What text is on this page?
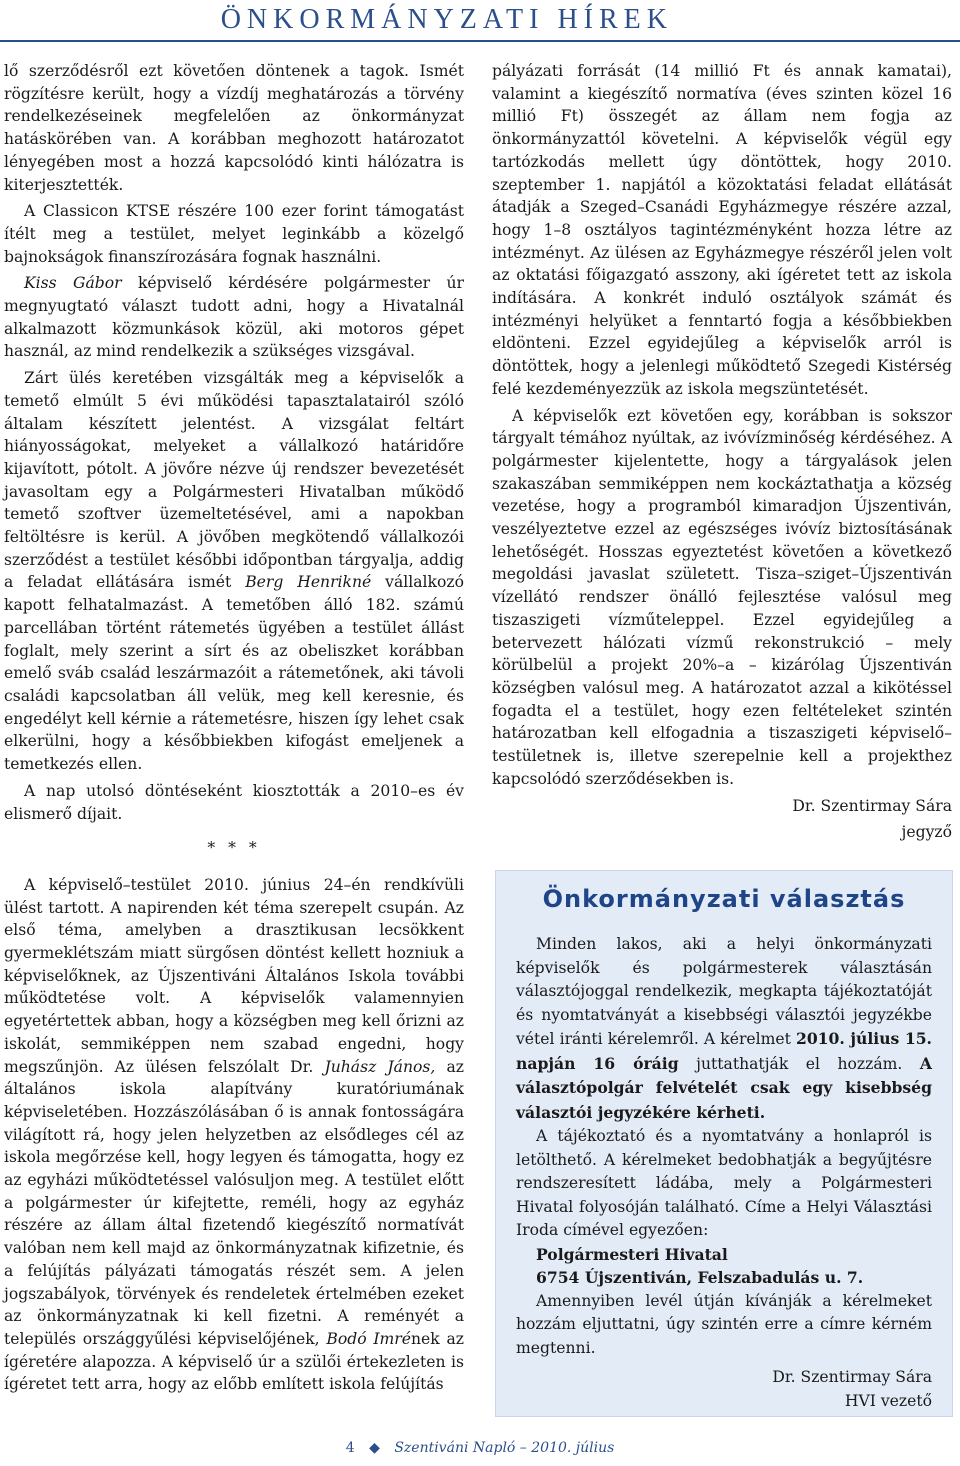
ÖNKORMÁNYZATI HÍREK

lő szerződésről ezt követően döntenek a tagok. Ismét rögzítésre került, hogy a vízdíj meghatározás a törvény rendelkezéseinek megfelelően az önkormányzat hatáskörében van. A korábban meghozott határozatot lényegében most a hozzá kapcsolódó kinti hálózatra is kiterjesztették.

A Classicon KTSE részére 100 ezer forint támogatást ítélt meg a testület, melyet leginkább a közelgő bajnokságok finanszírozására fognak használni.

Kiss Gábor képviselő kérdésére polgármester úr megnyugtató választ tudott adni, hogy a Hivatalnál alkalmazott közmunkások közül, aki motoros gépet használ, az mind rendelkezik a szükséges vizsgával.

Zárt ülés keretében vizsgálták meg a képviselők a temető elmúlt 5 évi működési tapasztalatairól szóló általam készített jelentést. A vizsgálat feltárt hiányosságokat, melyeket a vállalkozó határidőre kijavított, pótolt. A jövőre nézve új rendszer bevezetését javasoltam egy a Polgármesteri Hivatalban működő temető szoftver üzemeltetésével, ami a napokban feltöltésre is kerül. A jövőben megkötendő vállalkozói szerződést a testület későbbi időpontban tárgyalja, addig a feladat ellátására ismét Berg Henrikné vállalkozó kapott felhatalmazást. A temetőben álló 182. számú parcellában történt rátemetés ügyében a testület állást foglalt, mely szerint a sírt és az obeliszket korábban emelő sváb család leszármazóit a rátemetőnek, aki távoli családi kapcsolatban áll velük, meg kell keresnie, és engedélyt kell kérnie a rátemetésre, hiszen így lehet csak elkerülni, hogy a későbbiekben kifogást emeljenek a temetkezés ellen.

A nap utolsó döntéseként kiosztották a 2010–es év elismerő díjait.

* * *

A képviselő–testület 2010. június 24–én rendkívüli ülést tartott. A napirenden két téma szerepelt csupán. Az első téma, amelyben a drasztikusan lecsökkent gyermeklétszám miatt sürgősen döntést kellett hozniuk a képviselőknek, az Újszentiváni Általános Iskola további működtetése volt. A képviselők valamennyien egyetértettek abban, hogy a községben meg kell őrizni az iskolát, semmiképpen nem szabad engedni, hogy megszűnjön. Az ülésen felszólalt Dr. Juhász János, az általános iskola alapítvány kuratóriumának képviseletében. Hozzászólásában ő is annak fontosságára világított rá, hogy jelen helyzetben az elsődleges cél az iskola megőrzése kell, hogy legyen és támogatta, hogy ez az egyházi működtetéssel valósuljon meg. A testület előtt a polgármester úr kifejtette, reméli, hogy az egyház részére az állam által fizetendő kiegészítő normatívát valóban nem kell majd az önkormányzatnak kifizetnie, és a felújítás pályázati támogatás részét sem. A jelen jogszabályok, törvények és rendeletek értelmében ezeket az önkormányzatnak ki kell fizetni. A reményét a település országgyűlési képviselőjének, Bodó Imrének az ígéretére alapozza. A képviselő úr a szülői értekezleten is ígéretet tett arra, hogy az előbb említett iskola felújítás

pályázati forrását (14 millió Ft és annak kamatai), valamint a kiegészítő normatíva (éves szinten közel 16 millió Ft) összegét az állam nem fogja az önkormányzattól követelni. A képviselők végül egy tartózkodás mellett úgy döntöttek, hogy 2010. szeptember 1. napjától a közoktatási feladat ellátását átadják a Szeged–Csanádi Egyházmegye részére azzal, hogy 1–8 osztályos tagintézményként hozza létre az intézményt. Az ülésen az Egyházmegye részéről jelen volt az oktatási főigazgató asszony, aki ígéretet tett az iskola indítására. A konkrét induló osztályok számát és intézményi helyüket a fenntartó fogja a későbbiekben eldönteni. Ezzel egyidejűleg a képviselők arról is döntöttek, hogy a jelenlegi működtető Szegedi Kistérség felé kezdeményezzük az iskola megszüntetését.

A képviselők ezt követően egy, korábban is sokszor tárgyalt témához nyúltak, az ivóvízminőség kérdéséhez. A polgármester kijelentette, hogy a tárgyalások jelen szakaszában semmiképpen nem kockáztathatja a község vezetése, hogy a programból kimaradjon Újszentiván, veszélyeztetve ezzel az egészséges ivóvíz biztosításának lehetőségét. Hosszas egyeztetést követően a következő megoldási javaslat született. Tisza–sziget–Újszentiván vízellátó rendszer önálló fejlesztése valósul meg tiszaszigeti vízműteleppel. Ezzel egyidejűleg a betervezett hálózati vízmű rekonstrukció – mely körülbelül a projekt 20%–a – kizárólag Újszentiván községben valósul meg. A határozatot azzal a kikötéssel fogadta el a testület, hogy ezen feltételeket szintén határozatban kell elfogadnia a tiszaszigeti képviselő–testületnek is, illetve szerepelnie kell a projekthez kapcsolódó szerződésekben is.

Dr. Szentirmay Sára

jegyző

Önkormányzati választás

Minden lakos, aki a helyi önkormányzati képviselők és polgármesterek választásán választójoggal rendelkezik, megkapta tájékoztatóját és nyomtatványát a kisebbségi választói jegyzékbe vétel iránti kérelemről. A kérelmet 2010. július 15. napján 16 óráig juttathatják el hozzám. A választópolgár felvételét csak egy kisebbség választói jegyzékére kérheti.

A tájékoztató és a nyomtatvány a honlapról is letölthető. A kérelmeket bedobhatják a begyűjtésre rendszeresített ládába, mely a Polgármesteri Hivatal folyosóján található. Címe a Helyi Választási Iroda címével egyezően:

Polgármesteri Hivatal

6754 Újszentiván, Felszabadulás u. 7.

Amennyiben levél útján kívánják a kérelmeket hozzám eljuttatni, úgy szintén erre a címre kérném megtenni.

Dr. Szentirmay Sára

HVI vezető

4 ◆ Szentiváni Napló – 2010. július
